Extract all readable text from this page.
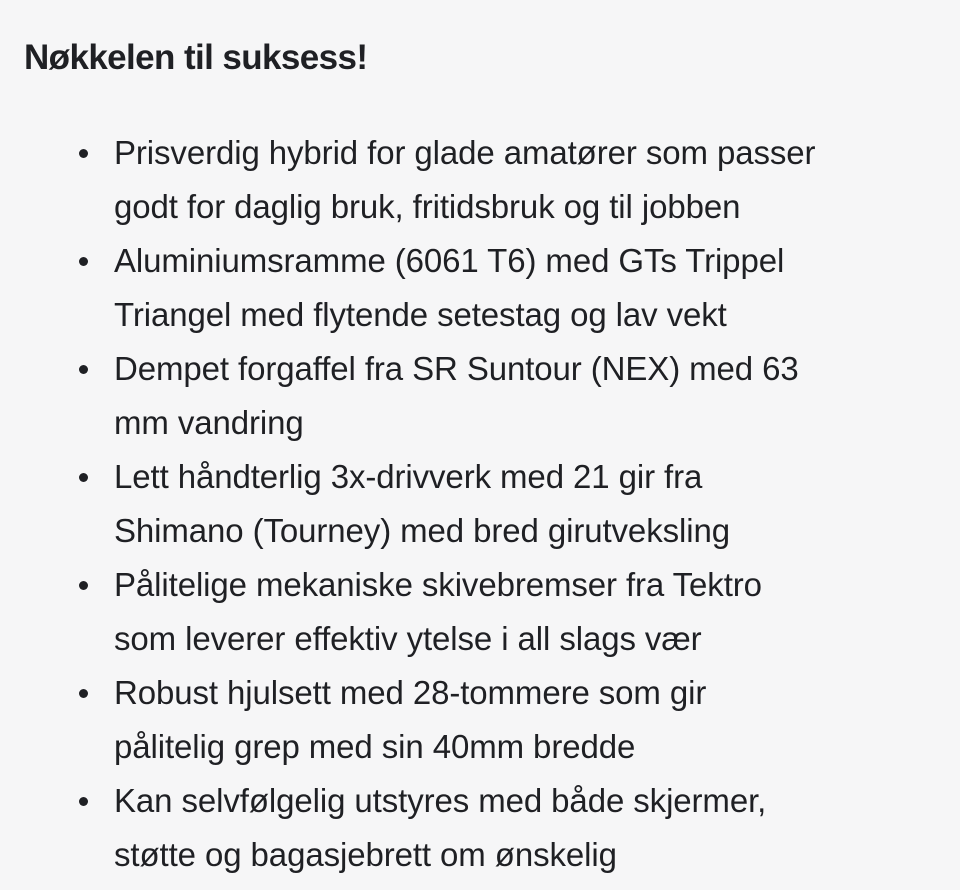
Nøkkelen til suksess!
Prisverdig hybrid for glade amatører som passer
godt for daglig bruk, fritidsbruk og til jobben
Aluminiumsramme (6061 T6) med GTs Trippel
Triangel med flytende setestag og lav vekt
Dempet forgaffel fra SR Suntour (NEX) med 63
mm vandring
Lett håndterlig 3x-drivverk med 21 gir fra
Shimano (Tourney) med bred girutveksling
Pålitelige mekaniske skivebremser fra Tektro
som leverer effektiv ytelse i all slags vær
Robust hjulsett med 28-tommere som gir
pålitelig grep med sin 40mm bredde
Kan selvfølgelig utstyres med både skjermer,
støtte og bagasjebrett om ønskelig
